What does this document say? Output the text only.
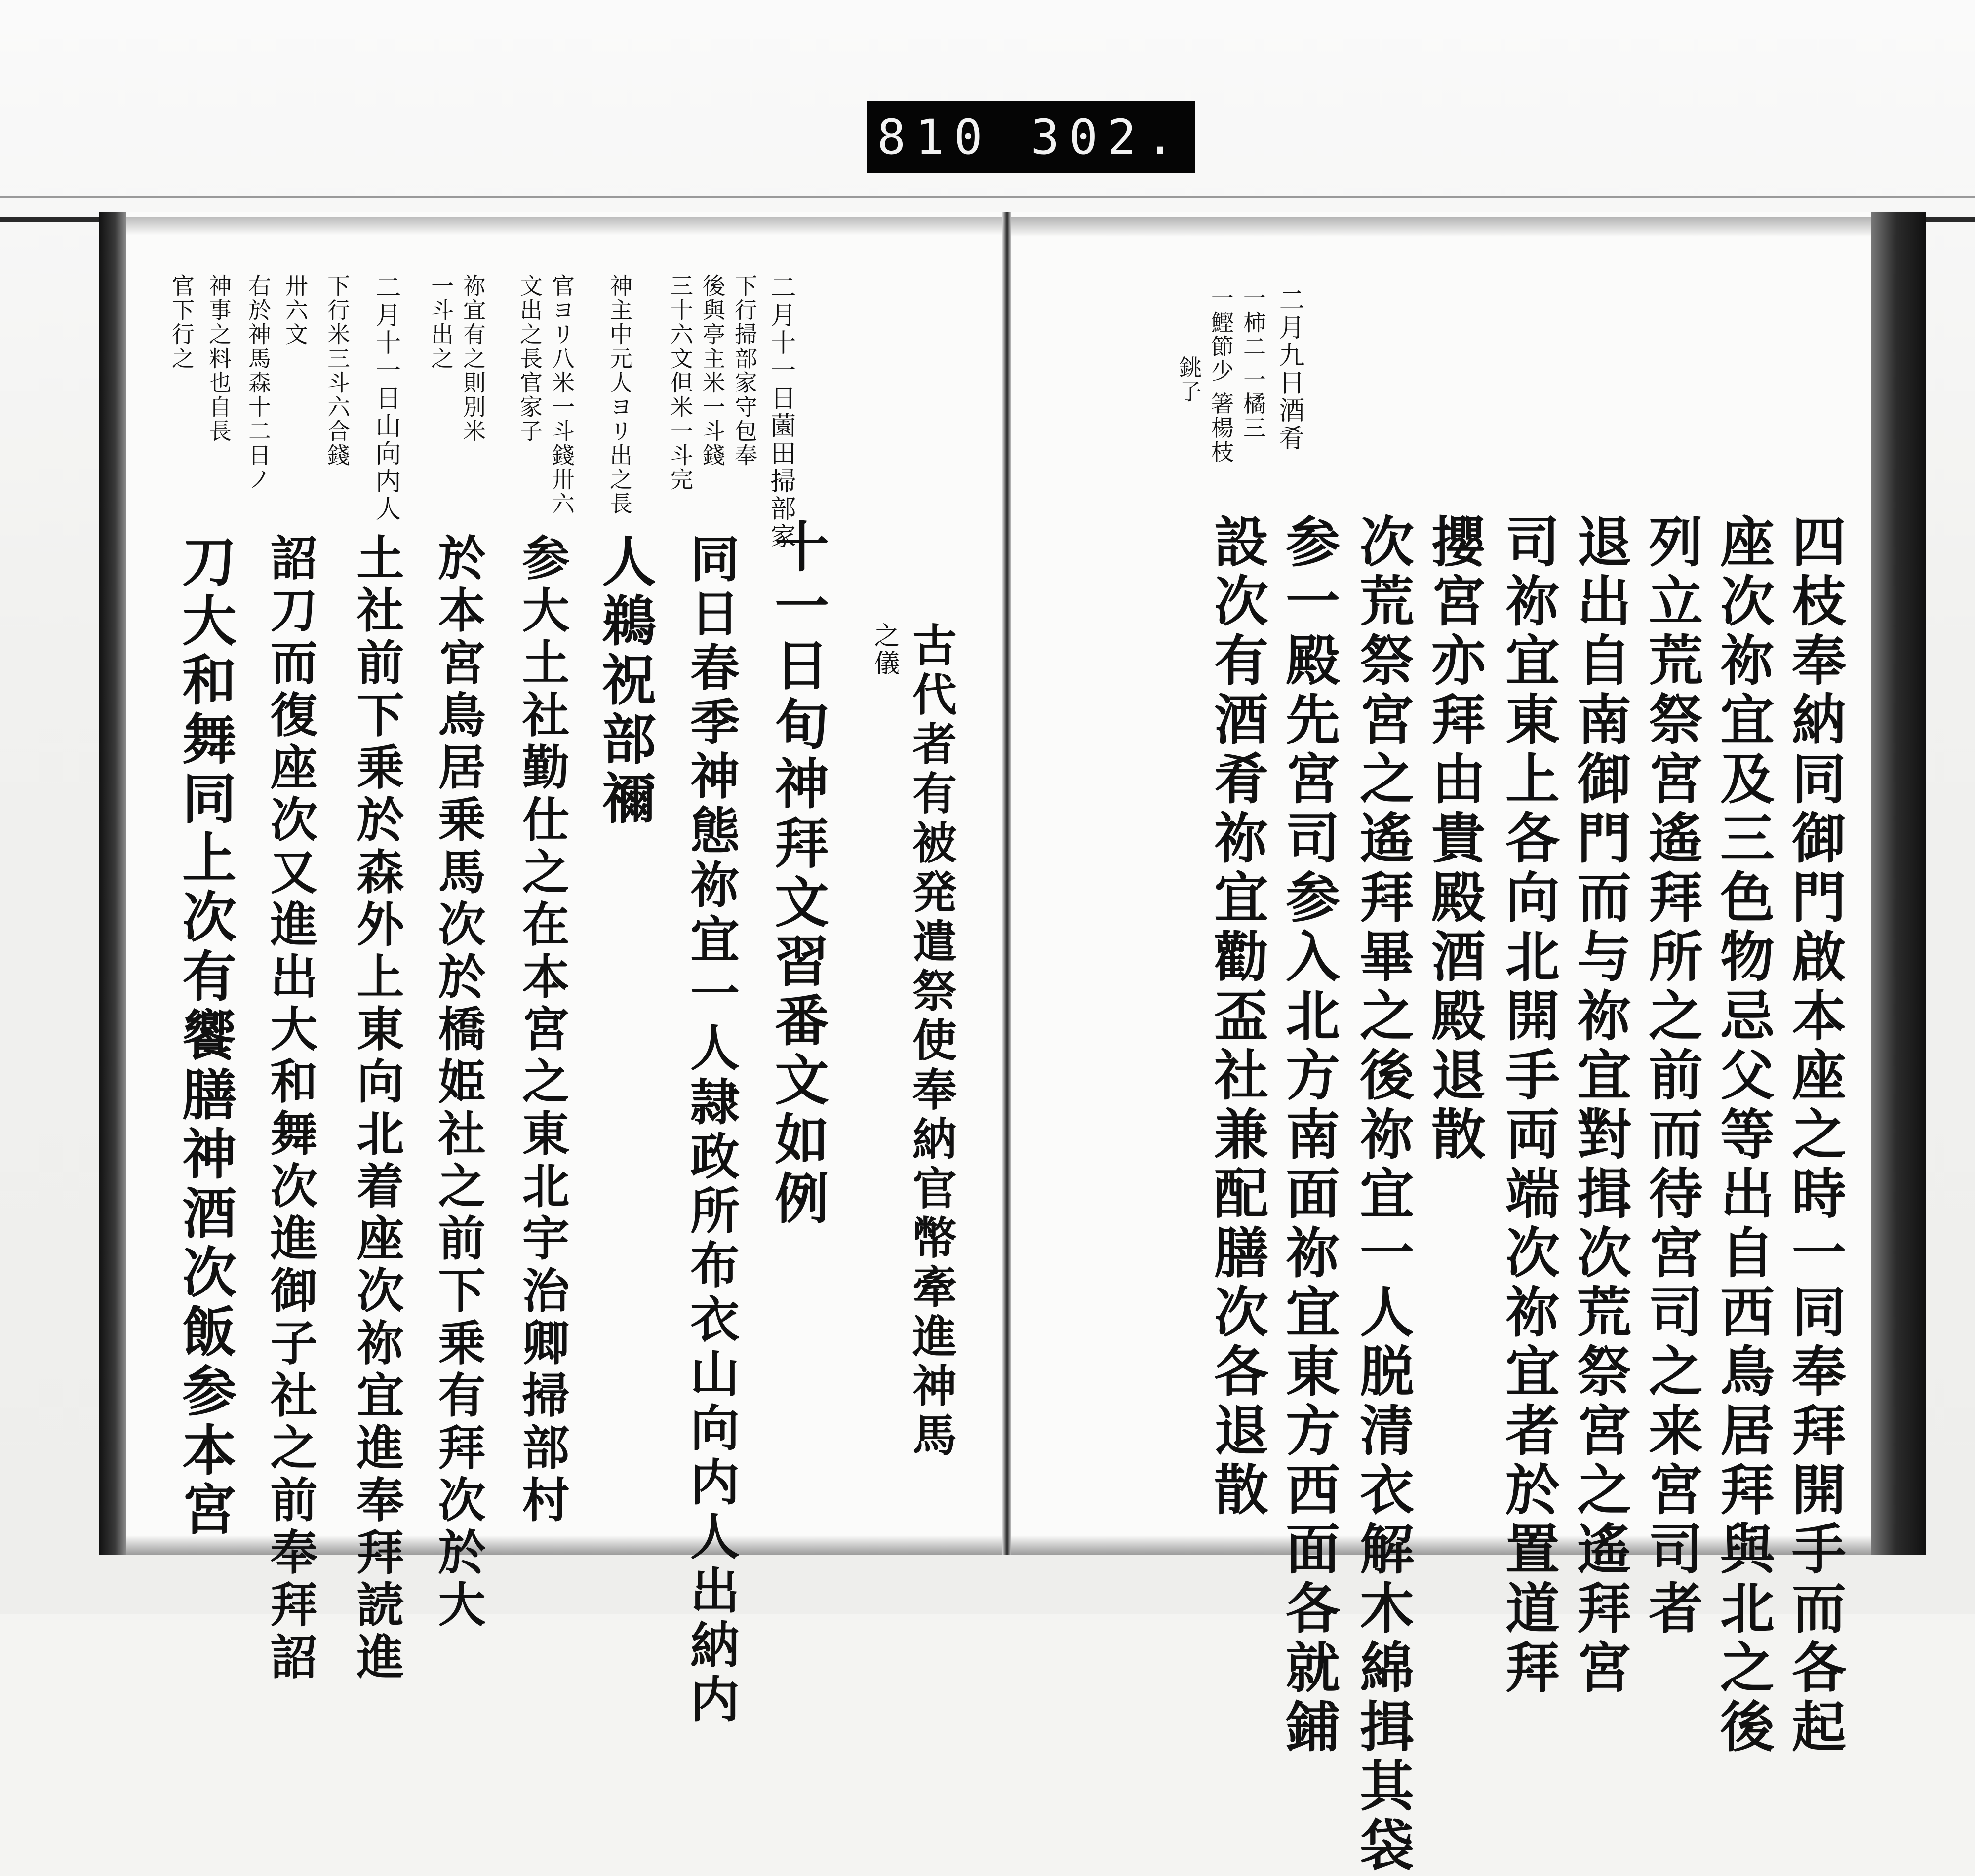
810 302.
四枝奉納同御門啟本座之時一同奉拜開手而各起
座次祢宜及三色物忌父等出自西鳥居拜與北之後
列立荒祭宮遙拜所之前而待宮司之来宮司者
退出自南御門而与祢宜對揖次荒祭宮之遙拜宮
司祢宜東上各向北開手両端次祢宜者於置道拜
攖宮亦拜由貴殿酒殿退散
次荒祭宮之遙拜畢之後祢宜一人脱清衣解木綿揖其袋
参一殿先宮司参入北方南面祢宜東方西面各就鋪
設次有酒肴祢宜勸盃社兼配膳次各退散
二月九日酒肴
一柿二 一橘三
一鰹節少 箸楊枝
銚子
二月十一日薗田掃部家
下行掃部家守包奉
後與亭主米一斗錢
三十六文但米一斗完
神主中元人ヨリ出之長
官ヨリ八米一斗錢卅六
文出之長官家子
祢宜有之則別米
一斗出之
二月十一日山向内人
下行米三斗六合錢
卅六文
右於神馬森十二日ノ
神事之料也自長
官下行之
十一日旬神拜文習番文如例 古代者有被発遣祭使奉納官幣牽進神馬
之儀
同日春季神態祢宜一人隷政所布衣山向内人出納内
人鵜祝部禰
参大土社勤仕之在本宮之東北宇治卿掃部村
於本宮鳥居乗馬次於橋姫社之前下乗有拜次於大
土社前下乗於森外上東向北着座次祢宜進奉拜読進
詔刀而復座次又進出大和舞次進御子社之前奉拜詔
刀大和舞同上次有饗膳神酒次飯参本宮
